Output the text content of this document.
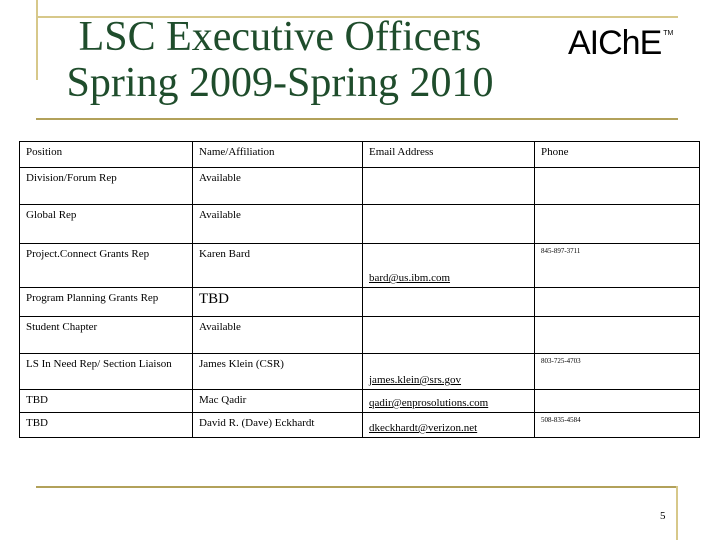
LSC Executive Officers
Spring 2009-Spring 2010
AIChE ™
Position	Name/Affiliation	Email Address	Phone
Division/Forum Rep	Available		
Global Rep	Available		
Project.Connect Grants Rep	Karen Bard	bard@us.ibm.com	845-897-3711
Program Planning Grants Rep	TBD		
Student Chapter	Available		
LS In Need Rep/ Section Liaison	James Klein (CSR)	james.klein@srs.gov	803-725-4703
TBD	Mac Qadir	qadir@enprosolutions.com	
TBD	David R. (Dave) Eckhardt	dkeckhardt@verizon.net	508-835-4584
5
